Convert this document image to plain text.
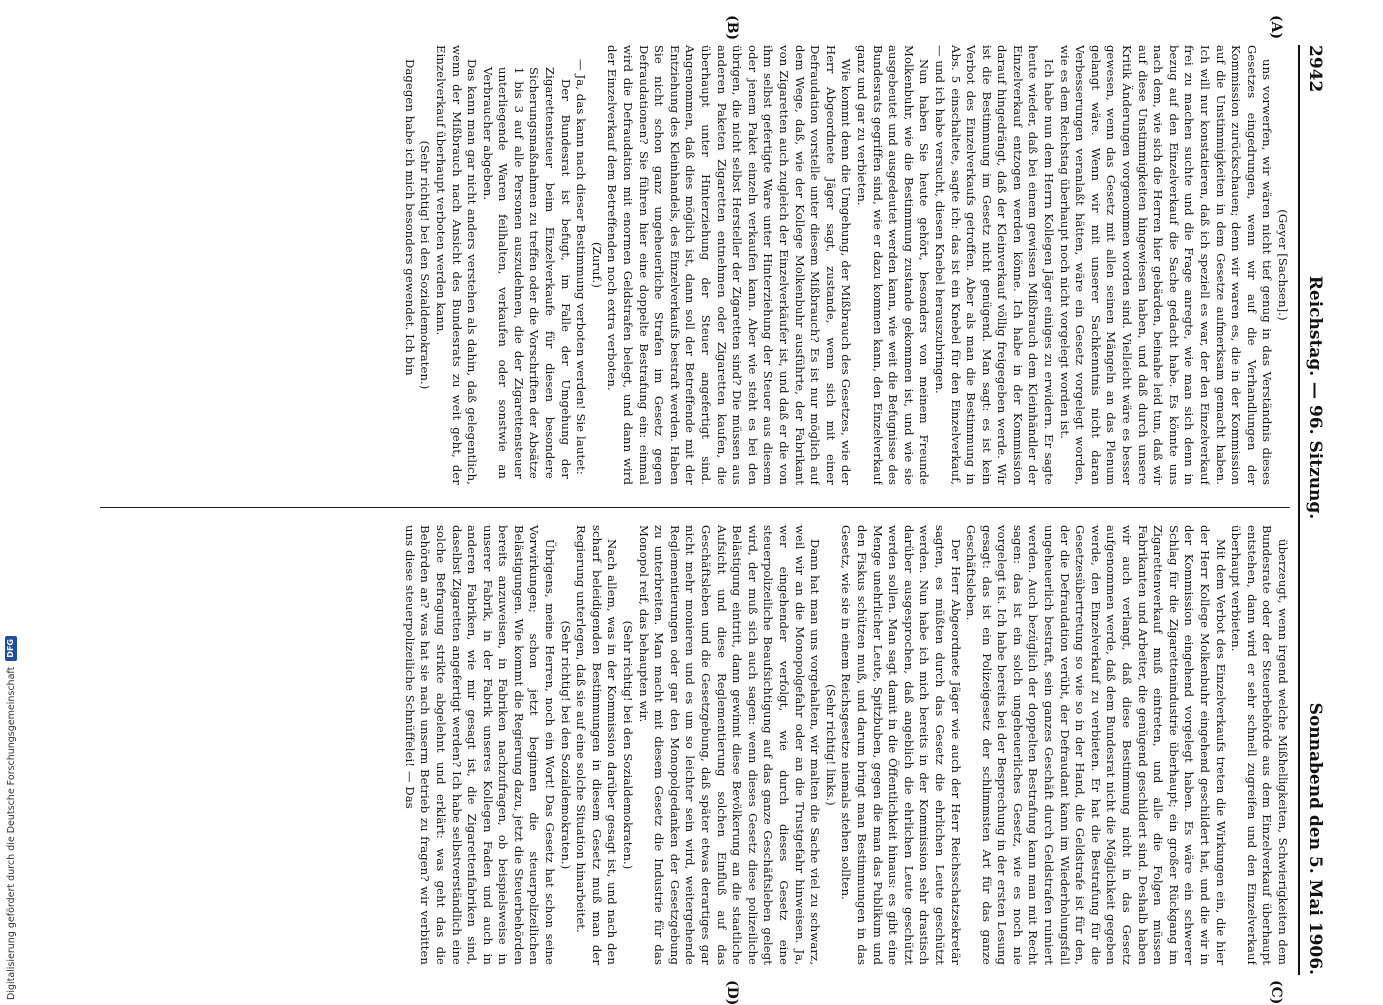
2942
Reichstag. — 96. Sitzung.
Sonnabend den 5. Mai 1906.
(A)
(B)
(C)
(D)

(Geyer [Sachsen].)

uns vorwerfen, wir wären nicht tief genug in das Verständnis dieses Gesetzes eingedrungen, wenn wir auf die Verhandlungen der Kommission zurückschauen; denn wir waren es, die in der Kommission auf die Unstimmigkeiten in dem Gesetze aufmerksam gemacht haben. Ich will nur konstatieren, daß ich speziell es war, der den Einzelverkauf frei zu machen suchte und die Frage anregte, wie man sich denn in bezug auf den Einzelverkauf die Sache gedacht habe. Es könnte uns nach dem, wie sich die Herren hier gebärden, beinahe leid tun, daß wir auf diese Unstimmigkeiten hingewiesen haben, und daß durch unsere Kritik Änderungen vorgenommen worden sind. Vielleicht wäre es besser gewesen, wenn das Gesetz mit allen seinen Mängeln an das Plenum gelangt wäre. Wenn wir mit unserer Sachkenntnis nicht daran Verbesserungen veranlaßt hätten, wäre ein Gesetz vorgelegt worden, wie es dem Reichstag überhaupt noch nicht vorgelegt worden ist.

Ich habe nun dem Herrn Kollegen Jäger einiges zu erwidern. Er sagte heute wieder, daß bei einem gewissen Mißbrauch dem Kleinhändler der Einzelverkauf entzogen werden könne. Ich habe in der Kommission darauf hingedrängt, daß der Kleinverkauf völlig freigegeben werde. Wir ist die Bestimmung im Gesetz nicht genügend. Man sagt: es ist kein Verbot des Einzelverkaufs getroffen. Aber als man die Bestimmung in Abs. 5 einschaltete, sagte ich: das ist ein Knebel für den Einzelverkauf, — und ich habe versucht, diesen Knebel herauszubringen.

Nun haben Sie heute gehört, besonders von meinem Freunde Molkenbuhr, wie die Bestimmung zustande gekommen ist, und wie sie ausgebeutet und ausgedeutet werden kann, wie weit die Befugnisse des Bundesrats gegriffen sind, wie er dazu kommen kann, den Einzelverkauf ganz und gar zu verbieten.

Wie kommt denn die Umgehung, der Mißbrauch des Gesetzes, wie der Herr Abgeordnete Jäger sagt, zustande, wenn sich mit einer Defraudation vorstelle unter diesem Mißbrauch? Es ist nur möglich auf dem Wege, daß, wie der Kollege Molkenbuhr ausführte, der Fabrikant von Zigaretten auch zugleich der Einzelverkäufer ist, und daß er die von ihm selbst gefertigte Ware unter Hinterziehung der Steuer aus diesem oder jenem Paket einzeln verkaufen kann. Aber wie steht es bei den übrigen, die nicht selbst Hersteller der Zigaretten sind? Die müssen aus anderen Paketen Zigaretten entnehmen oder Zigaretten kaufen, die überhaupt unter Hinterziehung der Steuer angefertigt sind. Angenommen, daß dies möglich ist, dann soll der Betreffende mit der Entziehung des Kleinhandels, des Einzelverkaufs bestraft werden. Haben Sie nicht schon ganz ungeheuerliche Strafen im Gesetz gegen Defraudationen? Sie führen hier eine doppelte Bestrafung ein: einmal wird die Defraudation mit enormen Geldstrafen belegt, und dann wird der Einzelverkauf dem Betreffenden noch extra verboten.

(Zuruf.)

— Ja, das kann nach dieser Bestimmung verboten werden! Sie lautet:

Der Bundesrat ist befugt, im Falle der Umgehung der Zigarettensteuer beim Einzelverkaufe für diesen besondere Sicherungsmaßnahmen zu treffen oder die Vorschriften der Absätze 1 bis 3 auf alle Personen auszudehnen, die der Zigarettensteuer unterliegende Waren feilhalten, verkaufen oder sonstwie an Verbraucher abgeben.

Das kann man gar nicht anders verstehen als dahin, daß gelegentlich, wenn der Mißbrauch nach Ansicht des Bundesrats zu weit geht, der Einzelverkauf überhaupt verboten werden kann.

(Sehr richtig! bei den Sozialdemokraten.)

Dagegen habe ich mich besonders gewendet. Ich bin

überzeugt, wenn irgend welche Mißhelligkeiten, Schwierigkeiten dem Bundesrate oder der Steuerbehörde aus dem Einzelverkauf überhaupt entstehen, dann wird er sehr schnell zugreifen und den Einzelverkauf überhaupt verbieten.

Mit dem Verbot des Einzelverkaufs treten die Wirkungen ein, die hier der Herr Kollege Molkenbuhr eingehend geschildert hat, und die wir in der Kommission eingehend vorgelegt haben. Es wäre ein schwerer Schlag für die Zigarettenindustrie überhaupt; ein großer Rückgang im Zigarettenverkauf muß eintreten, und alle die Folgen müssen Fabrikanten und Arbeiter, die genügend geschildert sind. Deshalb haben wir auch verlangt, daß diese Bestimmung nicht in das Gesetz aufgenommen werde, daß dem Bundesrat nicht die Möglichkeit gegeben werde, den Einzelverkauf zu verbieten. Er hat die Bestrafung für die Gesetzesübertretung so wie so in der Hand, die Geldstrafe ist für den, der die Defraudation verübt, der Defraudant kann im Wiederholungsfall ungeheuerlich bestraft, sein ganzes Geschäft durch Geldstrafen ruiniert werden. Auch bezüglich der doppelten Bestrafung kann man mit Recht sagen: das ist ein solch ungeheuerliches Gesetz, wie es noch nie vorgelegt ist. Ich habe bereits bei der Besprechung in der ersten Lesung gesagt: das ist ein Polizeigesetz der schlimmsten Art für das ganze Geschäftsleben.

Der Herr Abgeordnete Jäger wie auch der Herr Reichsschatzsekretär sagten, es müßten durch das Gesetz die ehrlichen Leute geschützt werden. Nun habe ich mich bereits in der Kommission sehr drastisch darüber ausgesprochen, daß angeblich die ehrlichen Leute geschützt werden sollen. Man sagt damit in die Öffentlichkeit hinaus: es gibt eine Menge unehrlicher Leute, Spitzbuben, gegen die man das Publikum und den Fiskus schützen muß, und darum bringt man Bestimmungen in das Gesetz, wie sie in einem Reichsgesetze niemals stehen sollten.

(Sehr richtig! links.)

Dann hat man uns vorgehalten, wir malten die Sache viel zu schwarz, weil wir an die Monopolgefahr oder an die Trustgefahr hinweisen. Ja, wer eingehender verfolgt, wie durch dieses Gesetz eine steuerpolizeiliche Beaufsichtigung auf das ganze Geschäftsleben gelegt wird, der muß sich auch sagen: wenn dieses Gesetz diese polizeiliche Belästigung eintritt, dann gewinnt diese Bevölkerung an die staatliche Aufsicht und diese Reglementierung solchen Einfluß auf das Geschäftsleben und die Gesetzgebung, daß später etwas derartiges gar nicht mehr monieren und es um so leichter sein wird, weitergehende Reglementierungen oder gar den Monopolgedanken der Gesetzgebung zu unterbreiten. Man macht mit diesem Gesetz die Industrie für das Monopol reif, das behaupten wir.

(Sehr richtig! bei den Sozialdemokraten.)

Nach allem, was in der Kommission darüber gesagt ist, und nach den scharf beleidigenden Bestimmungen in diesem Gesetz muß man der Regierung unterlegen, daß sie auf eine solche Situation hinarbeitet.

(Sehr richtig! bei den Sozialdemokraten.)

Übrigens, meine Herren, noch ein Wort! Das Gesetz hat schon seine Vorwirkungen; schon jetzt beginnen die steuerpolizeilichen Belästigungen. Wie kommt die Regierung dazu, jetzt die Steuerbehörden bereits anzuweisen, in Fabriken nachzufragen, ob beispielsweise in unserer Fabrik, in der Fabrik unseres Kollegen Faden und auch in anderen Fabriken, wie mir gesagt ist, die Zigarettenfabriken sind, daselbst Zigaretten angefertigt werden? Ich habe selbstverständlich eine solche Befragung strikte abgelehnt und erklärt: was geht das die Behörden an? was hat sie nach unserm Betrieb zu fragen? wir verbitten uns diese steuerpolizeiliche Schnüffelei! — Das

Digitalisierung gefördert durch die Deutsche Forschungsgemeinschaft
DFG
